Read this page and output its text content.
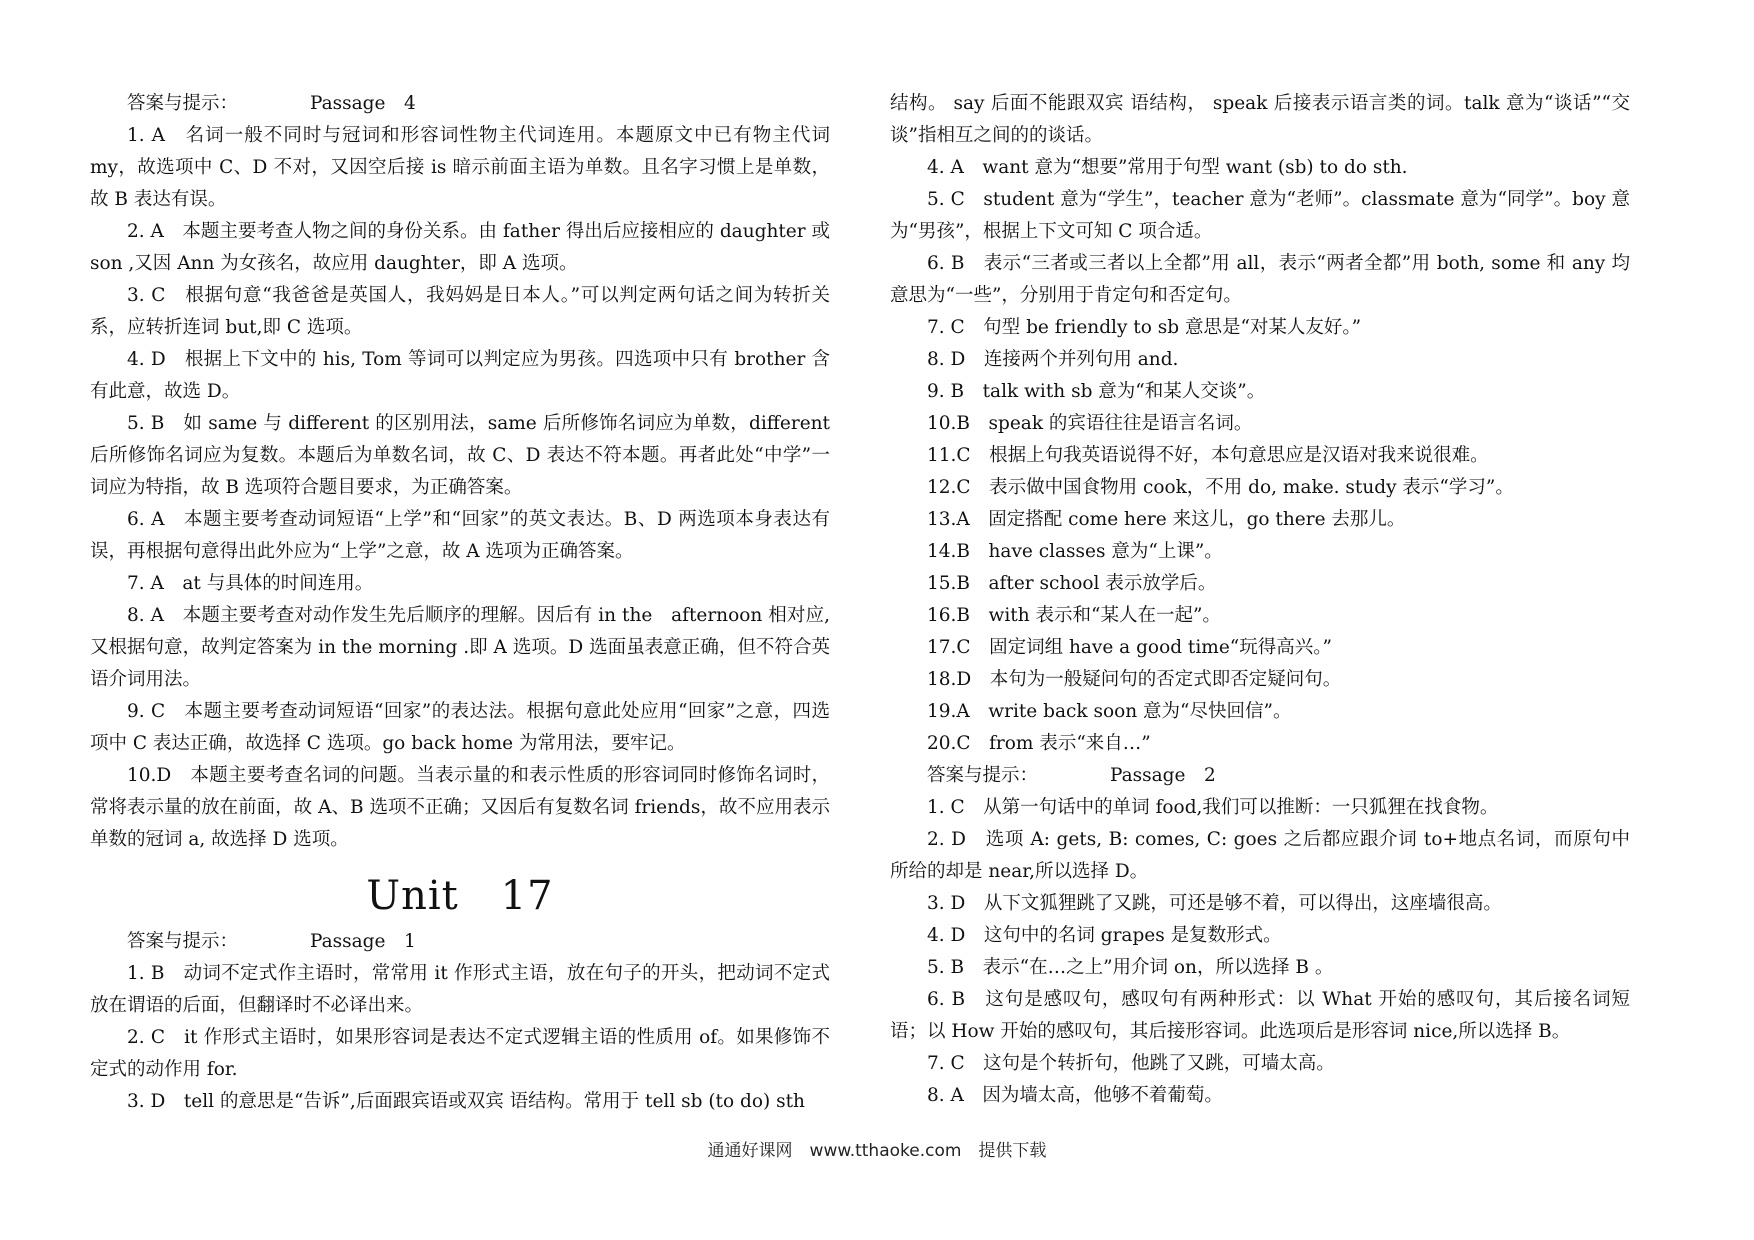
答案与提示：	Passage　4

1. A　名词一般不同时与冠词和形容词性物主代词连用。本题原文中已有物主代词 my，故选项中 C、D 不对，又因空后接 is 暗示前面主语为单数。且名字习惯上是单数，故 B 表达有误。

2. A　本题主要考查人物之间的身份关系。由 father 得出后应接相应的 daughter 或 son ,又因 Ann 为女孩名，故应用 daughter，即 A 选项。

3. C　根据句意“我爸爸是英国人，我妈妈是日本人。”可以判定两句话之间为转折关系，应转折连词 but,即 C 选项。

4. D　根据上下文中的 his, Tom 等词可以判定应为男孩。四选项中只有 brother 含有此意，故选 D。

5. B　如 same 与 different 的区别用法，same 后所修饰名词应为单数，different 后所修饰名词应为复数。本题后为单数名词，故 C、D 表达不符本题。再者此处“中学”一词应为特指，故 B 选项符合题目要求，为正确答案。

6. A　本题主要考查动词短语“上学”和“回家”的英文表达。B、D 两选项本身表达有误，再根据句意得出此外应为“上学”之意，故 A 选项为正确答案。

7. A　at 与具体的时间连用。

8. A　本题主要考查对动作发生先后顺序的理解。因后有 in the　afternoon 相对应,又根据句意，故判定答案为 in the morning .即 A 选项。D 选面虽表意正确，但不符合英语介词用法。

9. C　本题主要考查动词短语“回家”的表达法。根据句意此处应用“回家”之意，四选项中 C 表达正确，故选择 C 选项。go back home 为常用法，要牢记。

10.D　本题主要考查名词的问题。当表示量的和表示性质的形容词同时修饰名词时，常将表示量的放在前面，故 A、B 选项不正确；又因后有复数名词 friends，故不应用表示单数的冠词 a, 故选择 D 选项。

Unit 17

答案与提示：	Passage　1

1. B　动词不定式作主语时，常常用 it 作形式主语，放在句子的开头，把动词不定式放在谓语的后面，但翻译时不必译出来。

2. C　it 作形式主语时，如果形容词是表达不定式逻辑主语的性质用 of。如果修饰不定式的动作用 for.

3. D　tell 的意思是“告诉”,后面跟宾语或双宾 语结构。常用于 tell sb (to do) sth

结构。 say 后面不能跟双宾 语结构， speak 后接表示语言类的词。talk 意为“谈话”“交谈”指相互之间的的谈话。

4. A　want 意为“想要”常用于句型 want (sb) to do sth.

5. C　student 意为“学生”，teacher 意为“老师”。classmate 意为“同学”。boy 意为“男孩”，根据上下文可知 C 项合适。

6. B　表示“三者或三者以上全都”用 all，表示“两者全都”用 both, some 和 any 均意思为“一些”，分别用于肯定句和否定句。

7. C　句型 be friendly to sb 意思是“对某人友好。”

8. D　连接两个并列句用 and.

9. B　talk with sb 意为“和某人交谈”。

10.B　speak 的宾语往往是语言名词。

11.C　根据上句我英语说得不好，本句意思应是汉语对我来说很难。

12.C　表示做中国食物用 cook，不用 do, make. study 表示“学习”。

13.A　固定搭配 come here 来这儿，go there 去那儿。

14.B　have classes 意为“上课”。

15.B　after school 表示放学后。

16.B　with 表示和“某人在一起”。

17.C　固定词组 have a good time“玩得高兴。”

18.D　本句为一般疑问句的否定式即否定疑问句。

19.A　write back soon 意为“尽快回信”。

20.C　from 表示“来自…”

答案与提示：	Passage　2

1. C　从第一句话中的单词 food,我们可以推断：一只狐狸在找食物。

2. D　选项 A: gets, B: comes, C: goes 之后都应跟介词 to+地点名词，而原句中所给的却是 near,所以选择 D。

3. D　从下文狐狸跳了又跳，可还是够不着，可以得出，这座墙很高。

4. D　这句中的名词 grapes 是复数形式。

5. B　表示“在…之上”用介词 on，所以选择 B 。

6. B　这句是感叹句，感叹句有两种形式：以 What 开始的感叹句，其后接名词短语；以 How 开始的感叹句，其后接形容词。此选项后是形容词 nice,所以选择 B。

7. C　这句是个转折句，他跳了又跳，可墙太高。

8. A　因为墙太高，他够不着葡萄。

通通好课网　www.tthaoke.com　提供下载
